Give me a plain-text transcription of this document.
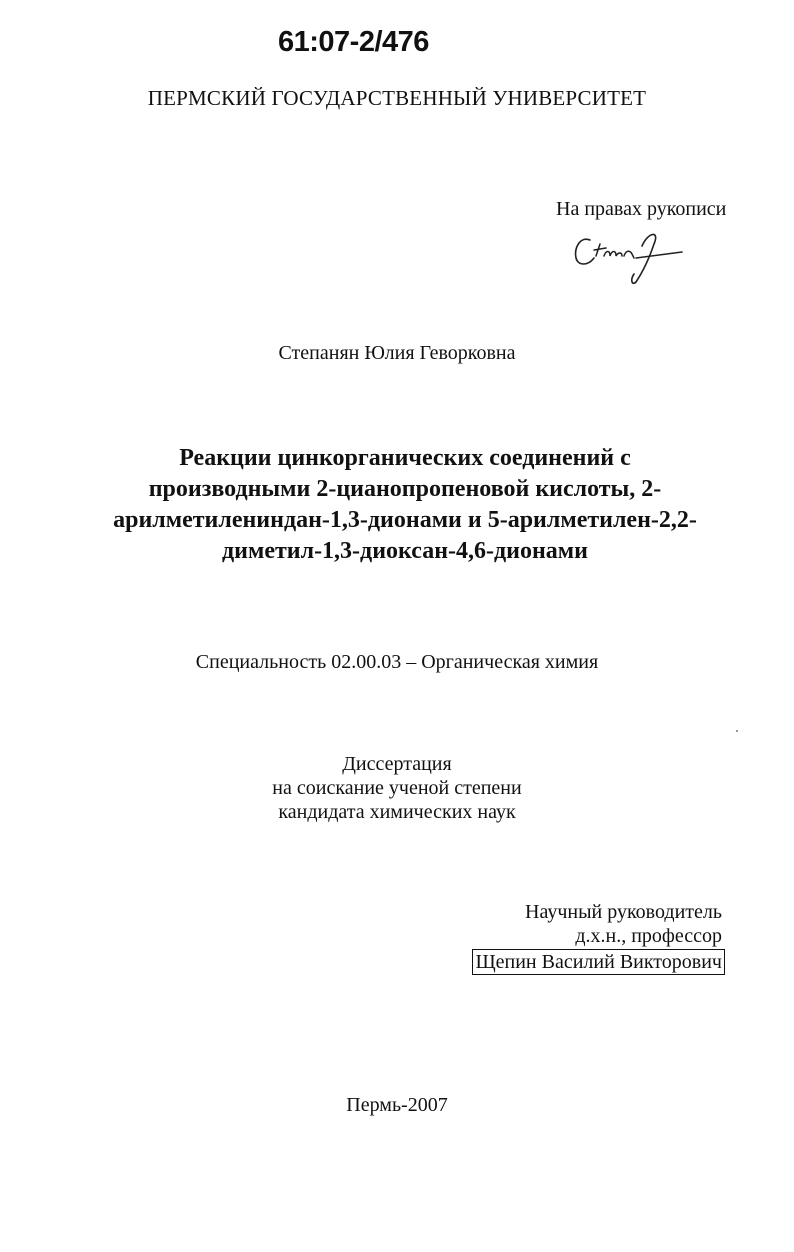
61:07-2/476
ПЕРМСКИЙ ГОСУДАРСТВЕННЫЙ УНИВЕРСИТЕТ
На правах рукописи
Степанян Юлия Геворковна
Реакции цинкорганических соединений с
производными 2-цианопропеновой кислоты, 2-
арилметилениндан-1,3-дионами и 5-арилметилен-2,2-
диметил-1,3-диоксан-4,6-дионами
Специальность 02.00.03 – Органическая химия
Диссертация
на соискание ученой степени
кандидата химических наук
Научный руководитель
д.х.н., профессор
Щепин Василий Викторович
Пермь-2007
